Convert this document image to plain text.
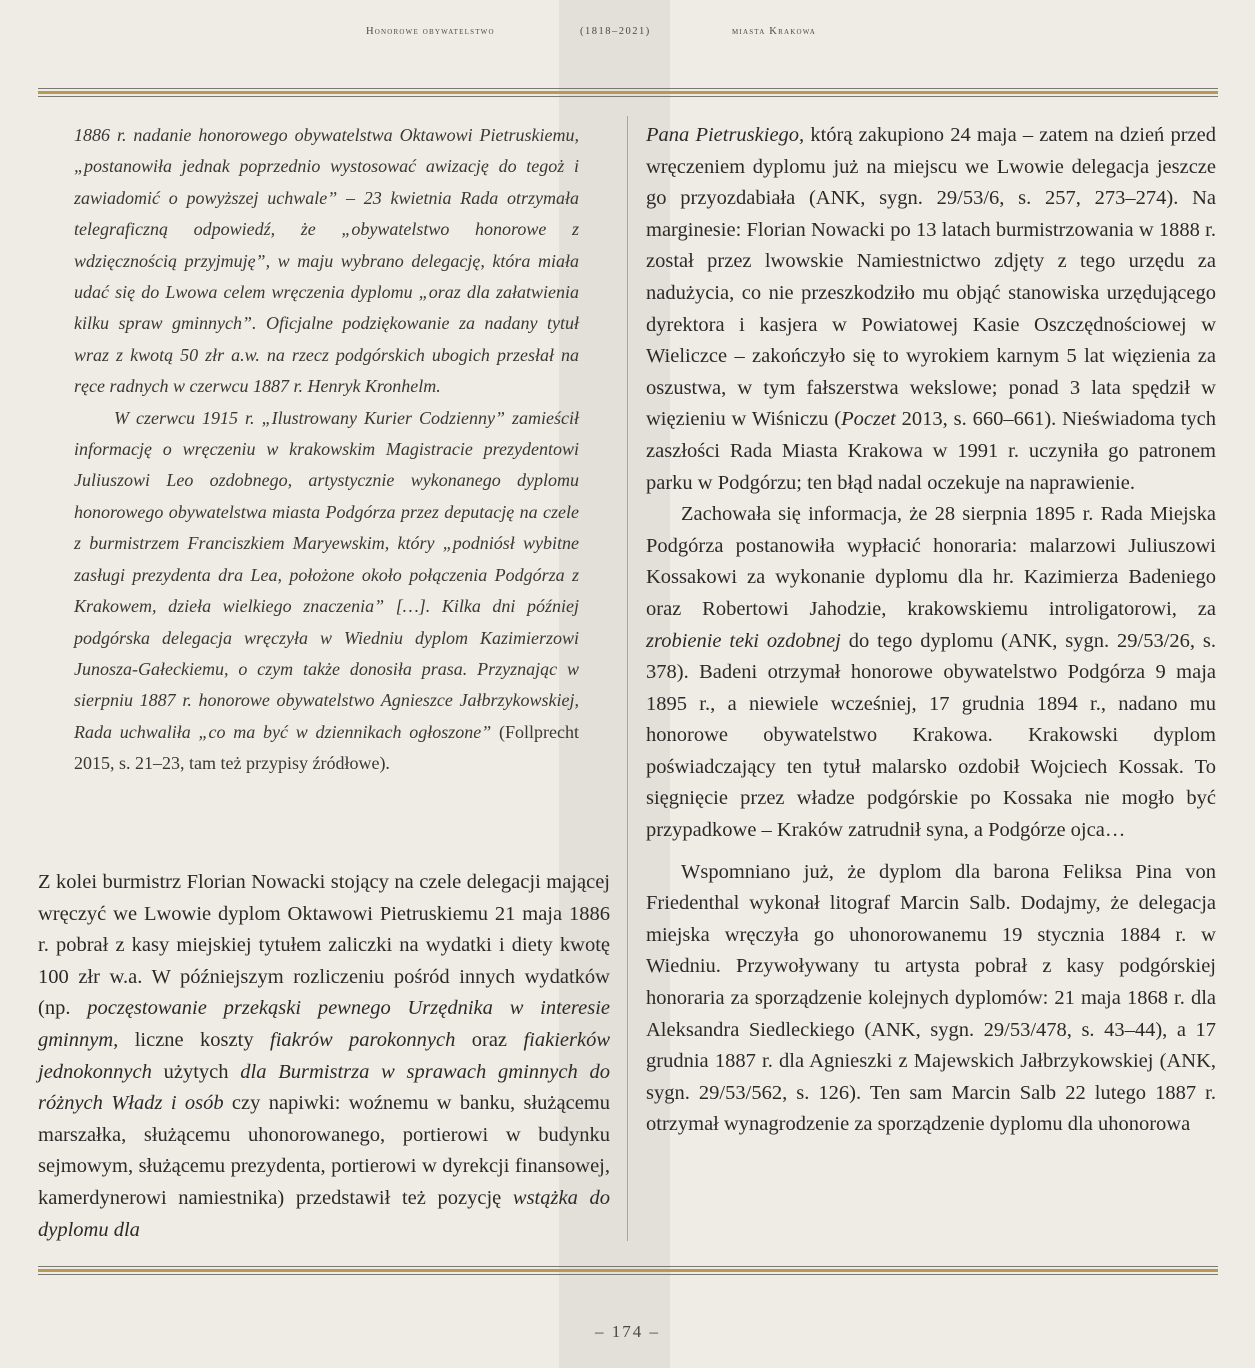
Honorowe obywatelstwo	(1818–2021)	miasta Krakowa

1886 r. nadanie honorowego obywatelstwa Oktawowi Pietruskiemu, „postanowiła jednak poprzednio wystosować awizację do tegoż i zawiadomić o powyższej uchwale” – 23 kwietnia Rada otrzymała telegraficzną odpowiedź, że „obywatelstwo honorowe z wdzięcznością przyjmuję”, w maju wybrano delegację, która miała udać się do Lwowa celem wręczenia dyplomu „oraz dla załatwienia kilku spraw gminnych”. Oficjalne podziękowanie za nadany tytuł wraz z kwotą 50 złr a.w. na rzecz podgórskich ubogich przesłał na ręce radnych w czerwcu 1887 r. Henryk Kronhelm.

W czerwcu 1915 r. „Ilustrowany Kurier Codzienny” zamieścił informację o wręczeniu w krakowskim Magistracie prezydentowi Juliuszowi Leo ozdobnego, artystycznie wykonanego dyplomu honorowego obywatelstwa miasta Podgórza przez deputację na czele z burmistrzem Franciszkiem Maryewskim, który „podniósł wybitne zasługi prezydenta dra Lea, położone około połączenia Podgórza z Krakowem, dzieła wielkiego znaczenia” […]. Kilka dni później podgórska delegacja wręczyła w Wiedniu dyplom Kazimierzowi Junosza-Gałeckiemu, o czym także donosiła prasa. Przyznając w sierpniu 1887 r. honorowe obywatelstwo Agnieszce Jałbrzykowskiej, Rada uchwaliła „co ma być w dziennikach ogłoszone” (Follprecht 2015, s. 21–23, tam też przypisy źródłowe).

Z kolei burmistrz Florian Nowacki stojący na czele delegacji mającej wręczyć we Lwowie dyplom Oktawowi Pietruskiemu 21 maja 1886 r. pobrał z kasy miejskiej tytułem zaliczki na wydatki i diety kwotę 100 złr w.a. W późniejszym rozliczeniu pośród innych wydatków (np. poczęstowanie przekąski pewnego Urzędnika w interesie gminnym, liczne koszty fiakrów parokonnych oraz fiakierków jednokonnych użytych dla Burmistrza w sprawach gminnych do różnych Władz i osób czy napiwki: woźnemu w banku, służącemu marszałka, służącemu uhonorowanego, portierowi w budynku sejmowym, służącemu prezydenta, portierowi w dyrekcji finansowej, kamerdynerowi namiestnika) przedstawił też pozycję wstążka do dyplomu dla

Pana Pietruskiego, którą zakupiono 24 maja – zatem na dzień przed wręczeniem dyplomu już na miejscu we Lwowie delegacja jeszcze go przyozdabiała (ANK, sygn. 29/53/6, s. 257, 273–274). Na marginesie: Florian Nowacki po 13 latach burmistrzowania w 1888 r. został przez lwowskie Namiestnictwo zdjęty z tego urzędu za nadużycia, co nie przeszkodziło mu objąć stanowiska urzędującego dyrektora i kasjera w Powiatowej Kasie Oszczędnościowej w Wieliczce – zakończyło się to wyrokiem karnym 5 lat więzienia za oszustwa, w tym fałszerstwa wekslowe; ponad 3 lata spędził w więzieniu w Wiśniczu (Poczet 2013, s. 660–661). Nieświadoma tych zaszłości Rada Miasta Krakowa w 1991 r. uczyniła go patronem parku w Podgórzu; ten błąd nadal oczekuje na naprawienie.

Zachowała się informacja, że 28 sierpnia 1895 r. Rada Miejska Podgórza postanowiła wypłacić honoraria: malarzowi Juliuszowi Kossakowi za wykonanie dyplomu dla hr. Kazimierza Badeniego oraz Robertowi Jahodzie, krakowskiemu introligatorowi, za zrobienie teki ozdobnej do tego dyplomu (ANK, sygn. 29/53/26, s. 378). Badeni otrzymał honorowe obywatelstwo Podgórza 9 maja 1895 r., a niewiele wcześniej, 17 grudnia 1894 r., nadano mu honorowe obywatelstwo Krakowa. Krakowski dyplom poświadczający ten tytuł malarsko ozdobił Wojciech Kossak. To sięgnięcie przez władze podgórskie po Kossaka nie mogło być przypadkowe – Kraków zatrudnił syna, a Podgórze ojca…

Wspomniano już, że dyplom dla barona Feliksa Pina von Friedenthal wykonał litograf Marcin Salb. Dodajmy, że delegacja miejska wręczyła go uhonorowanemu 19 stycznia 1884 r. w Wiedniu. Przywoływany tu artysta pobrał z kasy podgórskiej honoraria za sporządzenie kolejnych dyplomów: 21 maja 1868 r. dla Aleksandra Siedleckiego (ANK, sygn. 29/53/478, s. 43–44), a 17 grudnia 1887 r. dla Agnieszki z Majewskich Jałbrzykowskiej (ANK, sygn. 29/53/562, s. 126). Ten sam Marcin Salb 22 lutego 1887 r. otrzymał wynagrodzenie za sporządzenie dyplomu dla uhonorowa

– 174 –
